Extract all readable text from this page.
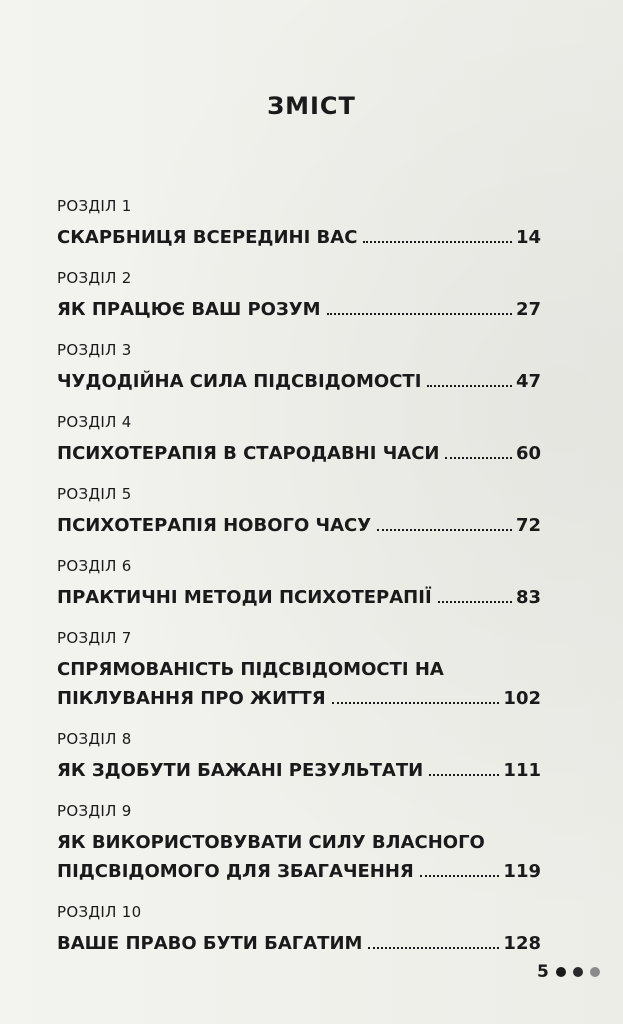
ЗМІСТ
РОЗДІЛ 1
СКАРБНИЦЯ ВСЕРЕДИНІ ВАС	14
РОЗДІЛ 2
ЯК ПРАЦЮЄ ВАШ РОЗУМ	27
РОЗДІЛ 3
ЧУДОДІЙНА СИЛА ПІДСВІДОМОСТІ	47
РОЗДІЛ 4
ПСИХОТЕРАПІЯ В СТАРОДАВНІ ЧАСИ	60
РОЗДІЛ 5
ПСИХОТЕРАПІЯ НОВОГО ЧАСУ	72
РОЗДІЛ 6
ПРАКТИЧНІ МЕТОДИ ПСИХОТЕРАПІЇ	83
РОЗДІЛ 7
СПРЯМОВАНІСТЬ ПІДСВІДОМОСТІ НА
ПІКЛУВАННЯ ПРО ЖИТТЯ	102
РОЗДІЛ 8
ЯК ЗДОБУТИ БАЖАНІ РЕЗУЛЬТАТИ	111
РОЗДІЛ 9
ЯК ВИКОРИСТОВУВАТИ СИЛУ ВЛАСНОГО
ПІДСВІДОМОГО ДЛЯ ЗБАГАЧЕННЯ	119
РОЗДІЛ 10
ВАШЕ ПРАВО БУТИ БАГАТИМ	128
5
